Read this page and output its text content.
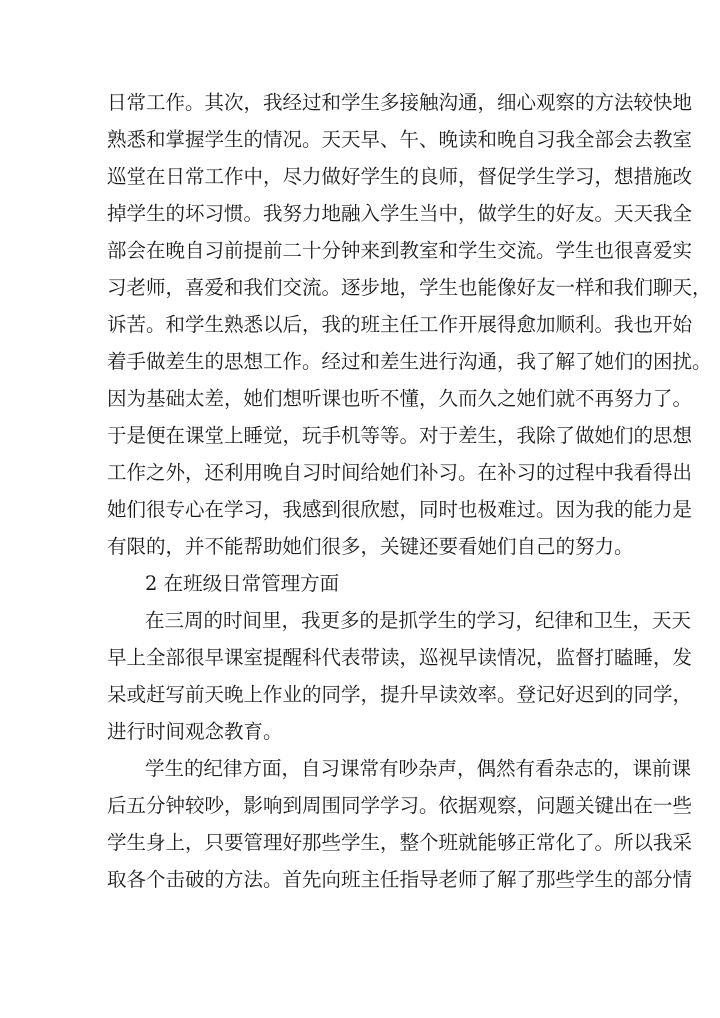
日常工作。其次，我经过和学生多接触沟通，细心观察的方法较快地
熟悉和掌握学生的情况。天天早、午、晚读和晚自习我全部会去教室
巡堂在日常工作中，尽力做好学生的良师，督促学生学习，想措施改
掉学生的坏习惯。我努力地融入学生当中，做学生的好友。天天我全
部会在晚自习前提前二十分钟来到教室和学生交流。学生也很喜爱实
习老师，喜爱和我们交流。逐步地，学生也能像好友一样和我们聊天，
诉苦。和学生熟悉以后，我的班主任工作开展得愈加顺利。我也开始
着手做差生的思想工作。经过和差生进行沟通，我了解了她们的困扰。
因为基础太差，她们想听课也听不懂，久而久之她们就不再努力了。
于是便在课堂上睡觉，玩手机等等。对于差生，我除了做她们的思想
工作之外，还利用晚自习时间给她们补习。在补习的过程中我看得出
她们很专心在学习，我感到很欣慰，同时也极难过。因为我的能力是
有限的，并不能帮助她们很多，关键还要看她们自己的努力。
2 在班级日常管理方面
在三周的时间里，我更多的是抓学生的学习，纪律和卫生，天天
早上全部很早课室提醒科代表带读，巡视早读情况，监督打瞌睡，发
呆或赶写前天晚上作业的同学，提升早读效率。登记好迟到的同学，
进行时间观念教育。
学生的纪律方面，自习课常有吵杂声，偶然有看杂志的，课前课
后五分钟较吵，影响到周围同学学习。依据观察，问题关键出在一些
学生身上，只要管理好那些学生，整个班就能够正常化了。所以我采
取各个击破的方法。首先向班主任指导老师了解了那些学生的部分情
